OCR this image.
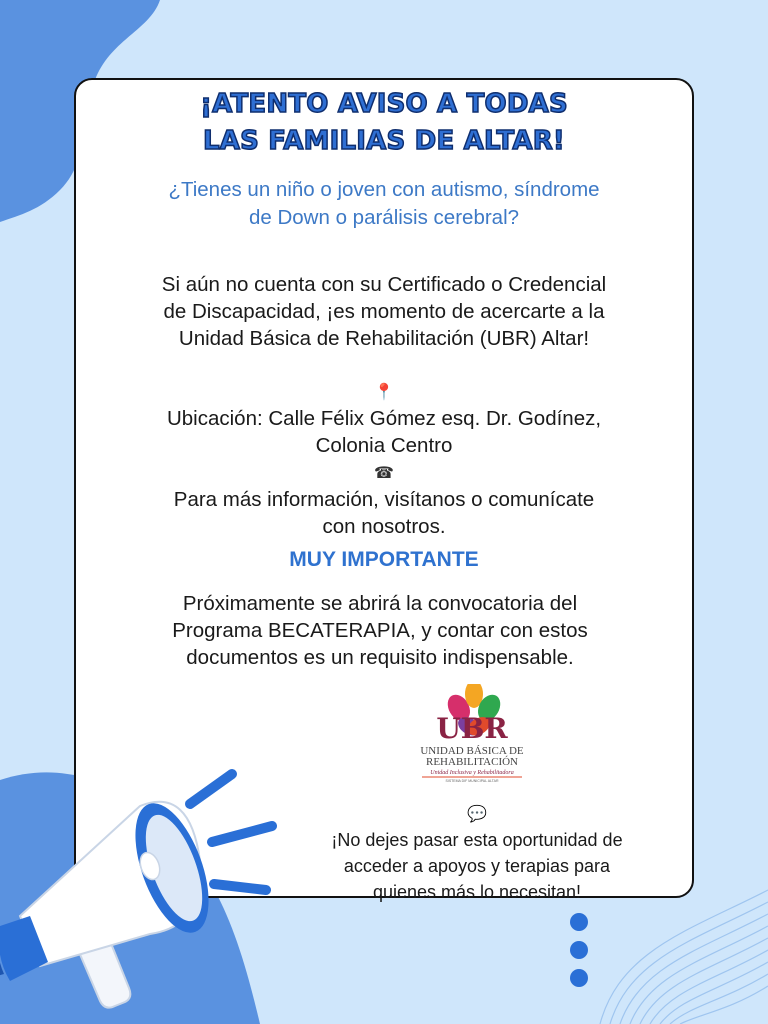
¡ATENTO AVISO A TODAS
LAS FAMILIAS DE ALTAR!
¿Tienes un niño o joven con autismo, síndrome
de Down o parálisis cerebral?
Si aún no cuenta con su Certificado o Credencial
de Discapacidad, ¡es momento de acercarte a la
Unidad Básica de Rehabilitación (UBR) Altar!
📍
Ubicación: Calle Félix Gómez esq. Dr. Godínez,
Colonia Centro
☎
Para más información, visítanos o comunícate
con nosotros.
MUY IMPORTANTE
Próximamente se abrirá la convocatoria del
Programa BECATERAPIA, y contar con estos
documentos es un requisito indispensable.
UBR
UNIDAD BÁSICA DE
REHABILITACIÓN
Unidad Inclusiva y Rehabilitadora
SISTEMA DIF MUNICIPAL ALTAR
💬
¡No dejes pasar esta oportunidad de
acceder a apoyos y terapias para
quienes más lo necesitan!
